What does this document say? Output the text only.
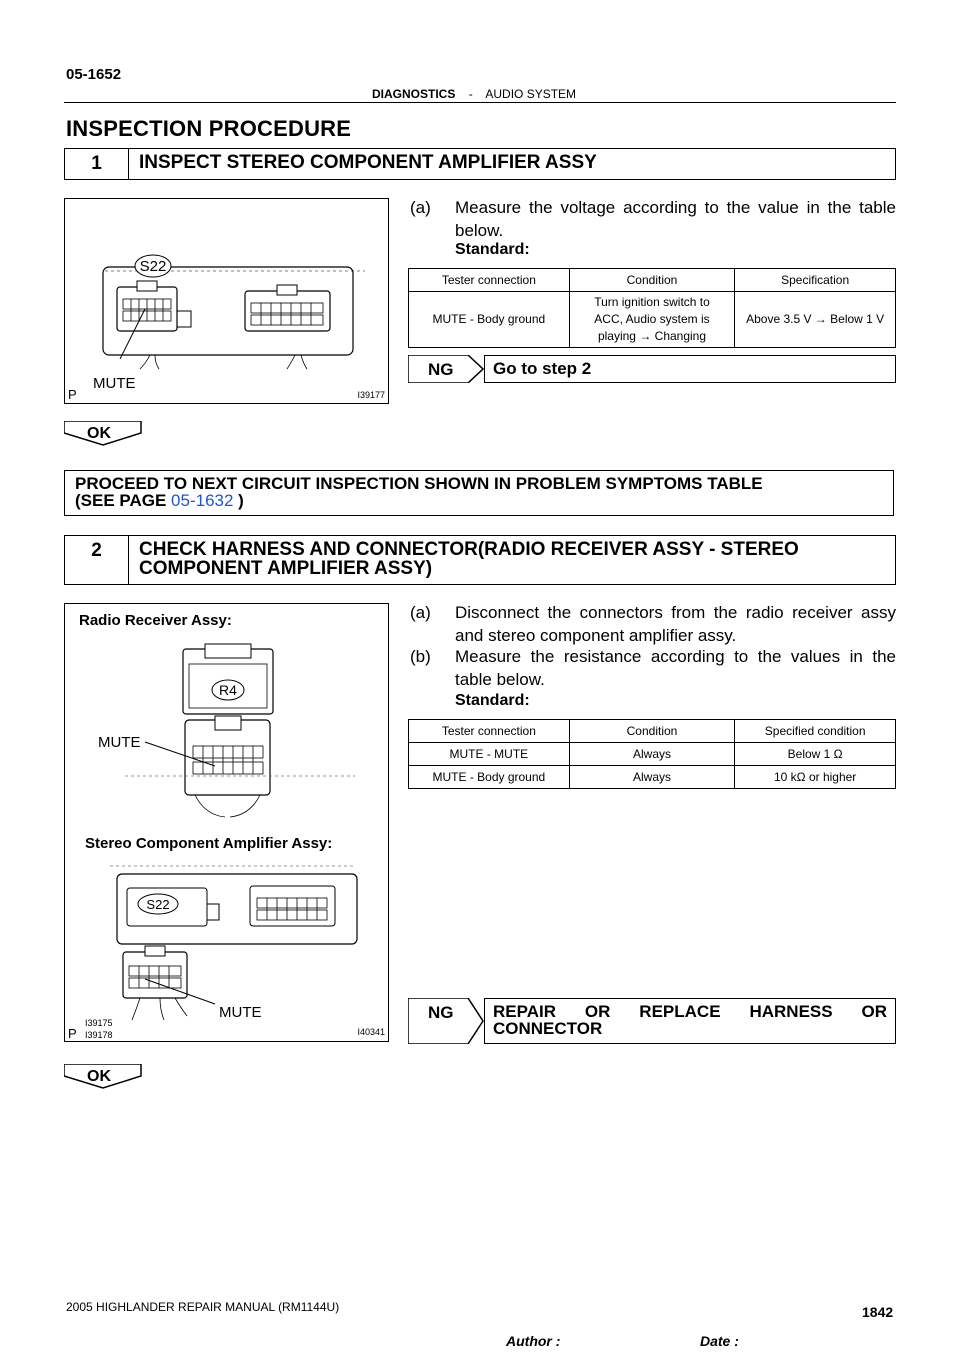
05-1652
DIAGNOSTICS - AUDIO SYSTEM
INSPECTION PROCEDURE
1	INSPECT STEREO COMPONENT AMPLIFIER ASSY
S22
MUTE
P	I39177
(a) Measure the voltage according to the value in the table below.
Standard:
Tester connection	Condition	Specification
MUTE - Body ground	Turn ignition switch to ACC, Audio system is playing → Changing	Above 3.5 V → Below 1 V
NG	Go to step 2
OK
PROCEED TO NEXT CIRCUIT INSPECTION SHOWN IN PROBLEM SYMPTOMS TABLE
(SEE PAGE 05-1632 )
2	CHECK HARNESS AND CONNECTOR(RADIO RECEIVER ASSY - STEREO
COMPONENT AMPLIFIER ASSY)
Radio Receiver Assy:
R4
MUTE
Stereo Component Amplifier Assy:
S22
MUTE
I39175
P I39178	I40341
(a) Disconnect the connectors from the radio receiver assy and stereo component amplifier assy.
(b) Measure the resistance according to the values in the table below.
Standard:
Tester connection	Condition	Specified condition
MUTE - MUTE	Always	Below 1 Ω
MUTE - Body ground	Always	10 kΩ or higher
NG REPAIR OR REPLACE HARNESS OR
CONNECTOR
OK
2005 HIGHLANDER REPAIR MANUAL (RM1144U)
Author :	Date :
1842
